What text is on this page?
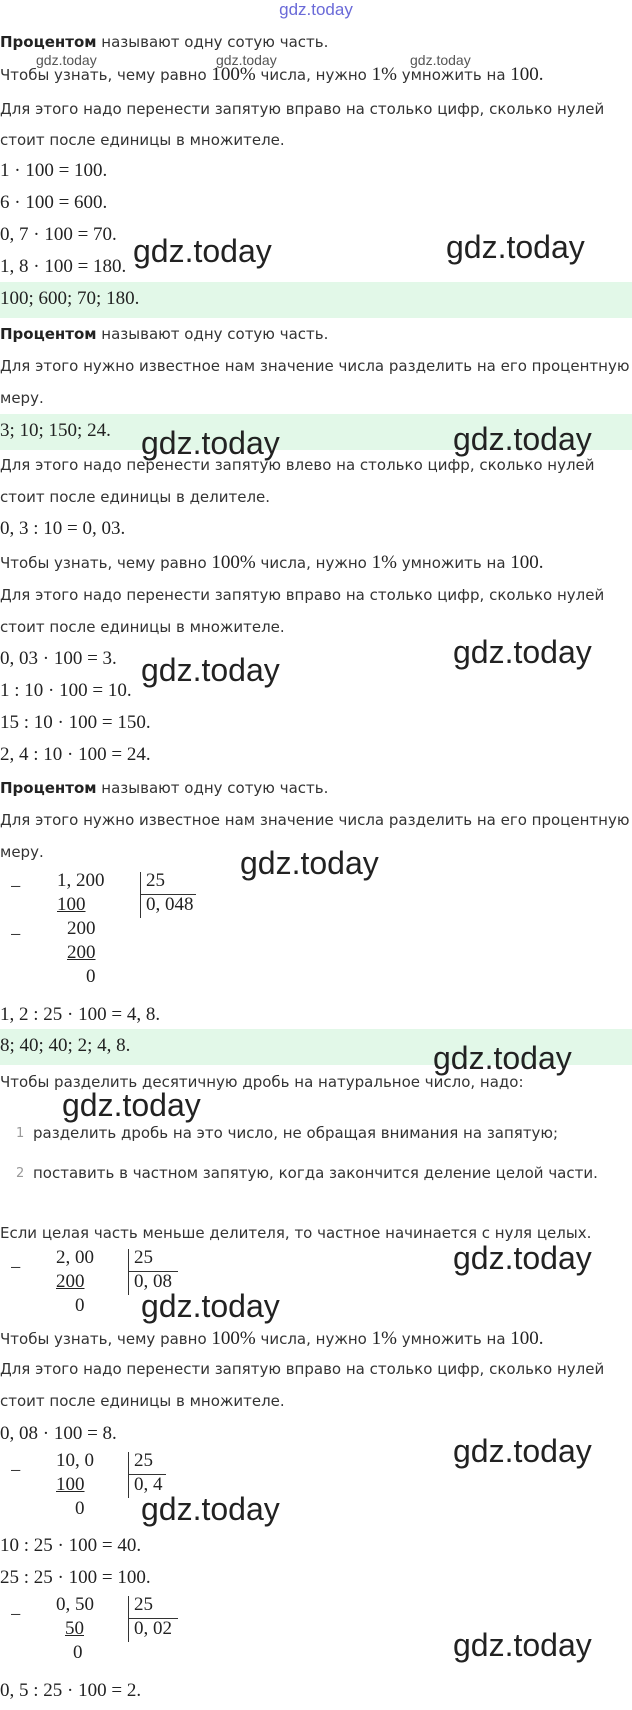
gdz.today
gdz.today	gdz.today	gdz.today
Процентом называют одну сотую часть.
Чтобы узнать, чему равно 100% числа, нужно 1% умножить на 100.
Для этого надо перенести запятую вправо на столько цифр, сколько нулей
стоит после единицы в множителе.
1 · 100 = 100.
6 · 100 = 600.
0, 7 · 100 = 70.
1, 8 · 100 = 180. gdz.today	gdz.today
100; 600; 70; 180.
Процентом называют одну сотую часть.
Для этого нужно известное нам значение числа разделить на его процентную
меру.
3; 10; 150; 24. gdz.today	gdz.today
Для этого надо перенести запятую влево на столько цифр, сколько нулей
стоит после единицы в делителе.
0, 3 : 10 = 0, 03.
Чтобы узнать, чему равно 100% числа, нужно 1% умножить на 100.
Для этого надо перенести запятую вправо на столько цифр, сколько нулей
стоит после единицы в множителе.
0, 03 · 100 = 3.
1 : 10 · 100 = 10.
15 : 10 · 100 = 150.
2, 4 : 10 · 100 = 24.
gdz.today	gdz.today
Процентом называют одну сотую часть.
Для этого нужно известное нам значение числа разделить на его процентную
меру.	gdz.today
− 1, 200
100
− 200
200
0
25
0, 048
1, 2 : 25 · 100 = 4, 8.
8; 40; 40; 2; 4, 8.	gdz.today
Чтобы разделить десятичную дробь на натуральное число, надо:
gdz.today
1 разделить дробь на это число, не обращая внимания на запятую;
2 поставить в частном запятую, когда закончится деление целой части.
Если целая часть меньше делителя, то частное начинается с нуля целых.
− 2, 00
200
0
25
0, 08
gdz.today
gdz.today
Чтобы узнать, чему равно 100% числа, нужно 1% умножить на 100.
Для этого надо перенести запятую вправо на столько цифр, сколько нулей
стоит после единицы в множителе.
0, 08 · 100 = 8.
− 10, 0
100
0
25
0, 4
gdz.today
gdz.today
10 : 25 · 100 = 40.
25 : 25 · 100 = 100.
− 0, 50
50
0
25
0, 02	gdz.today
0, 5 : 25 · 100 = 2.
